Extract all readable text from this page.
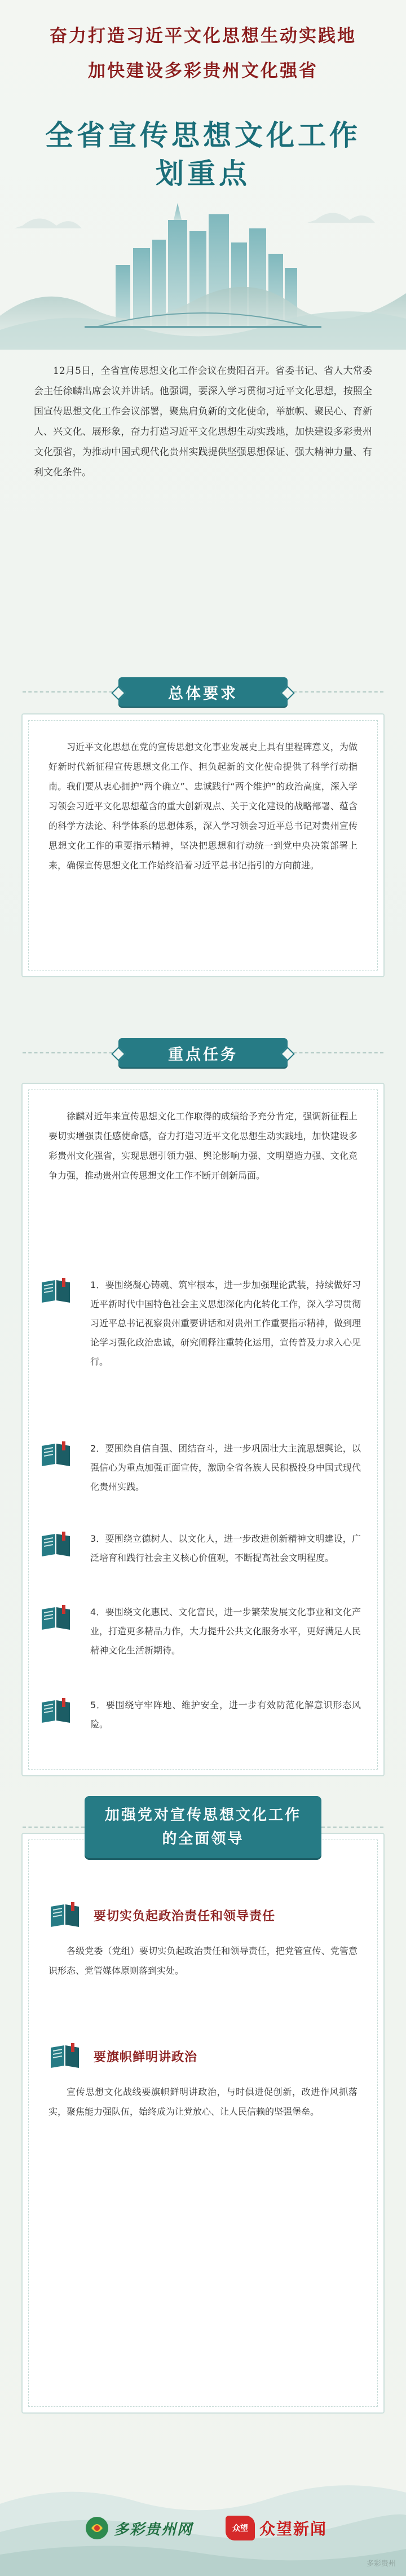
奋力打造习近平文化思想生动实践地
加快建设多彩贵州文化强省
全省宣传思想文化工作
划重点
12月5日，全省宣传思想文化工作会议在贵阳召开。省委书记、省人大常委会主任徐麟出席会议并讲话。他强调，要深入学习贯彻习近平文化思想，按照全国宣传思想文化工作会议部署，聚焦肩负新的文化使命，举旗帜、聚民心、育新人、兴文化、展形象，奋力打造习近平文化思想生动实践地，加快建设多彩贵州文化强省，为推动中国式现代化贵州实践提供坚强思想保证、强大精神力量、有利文化条件。
总体要求

习近平文化思想在党的宣传思想文化事业发展史上具有里程碑意义，为做好新时代新征程宣传思想文化工作、担负起新的文化使命提供了科学行动指南。我们要从衷心拥护“两个确立”、忠诚践行“两个维护”的政治高度，深入学习领会习近平文化思想蕴含的重大创新观点、关于文化建设的战略部署、蕴含的科学方法论、科学体系的思想体系，深入学习领会习近平总书记对贵州宣传思想文化工作的重要指示精神，坚决把思想和行动统一到党中央决策部署上来，确保宣传思想文化工作始终沿着习近平总书记指引的方向前进。

重点任务

徐麟对近年来宣传思想文化工作取得的成绩给予充分肯定，强调新征程上要切实增强责任感使命感，奋力打造习近平文化思想生动实践地，加快建设多彩贵州文化强省，实现思想引领力强、舆论影响力强、文明塑造力强、文化竞争力强，推动贵州宣传思想文化工作不断开创新局面。

1．要围绕凝心铸魂、筑牢根本，进一步加强理论武装，持续做好习近平新时代中国特色社会主义思想深化内化转化工作，深入学习贯彻习近平总书记视察贵州重要讲话和对贵州工作重要指示精神，做到理论学习强化政治忠诚，研究阐释注重转化运用，宣传普及力求入心见行。

2．要围绕自信自强、团结奋斗，进一步巩固壮大主流思想舆论，以强信心为重点加强正面宣传，激励全省各族人民积极投身中国式现代化贵州实践。

3．要围绕立德树人、以文化人，进一步改进创新精神文明建设，广泛培育和践行社会主义核心价值观，不断提高社会文明程度。

4．要围绕文化惠民、文化富民，进一步繁荣发展文化事业和文化产业，打造更多精品力作，大力提升公共文化服务水平，更好满足人民精神文化生活新期待。

5．要围绕守牢阵地、维护安全，进一步有效防范化解意识形态风险。

要切实负起政治责任和领导责任

各级党委（党组）要切实负起政治责任和领导责任，把党管宣传、党管意识形态、党管媒体原则落到实处。

要旗帜鲜明讲政治

宣传思想文化战线要旗帜鲜明讲政治，与时俱进促创新，改进作风抓落实，聚焦能力强队伍，始终成为让党放心、让人民信赖的坚强堡垒。

加强党对宣传思想文化工作
的全面领导
多彩贵州网	众望 众望新闻
多彩贵州
